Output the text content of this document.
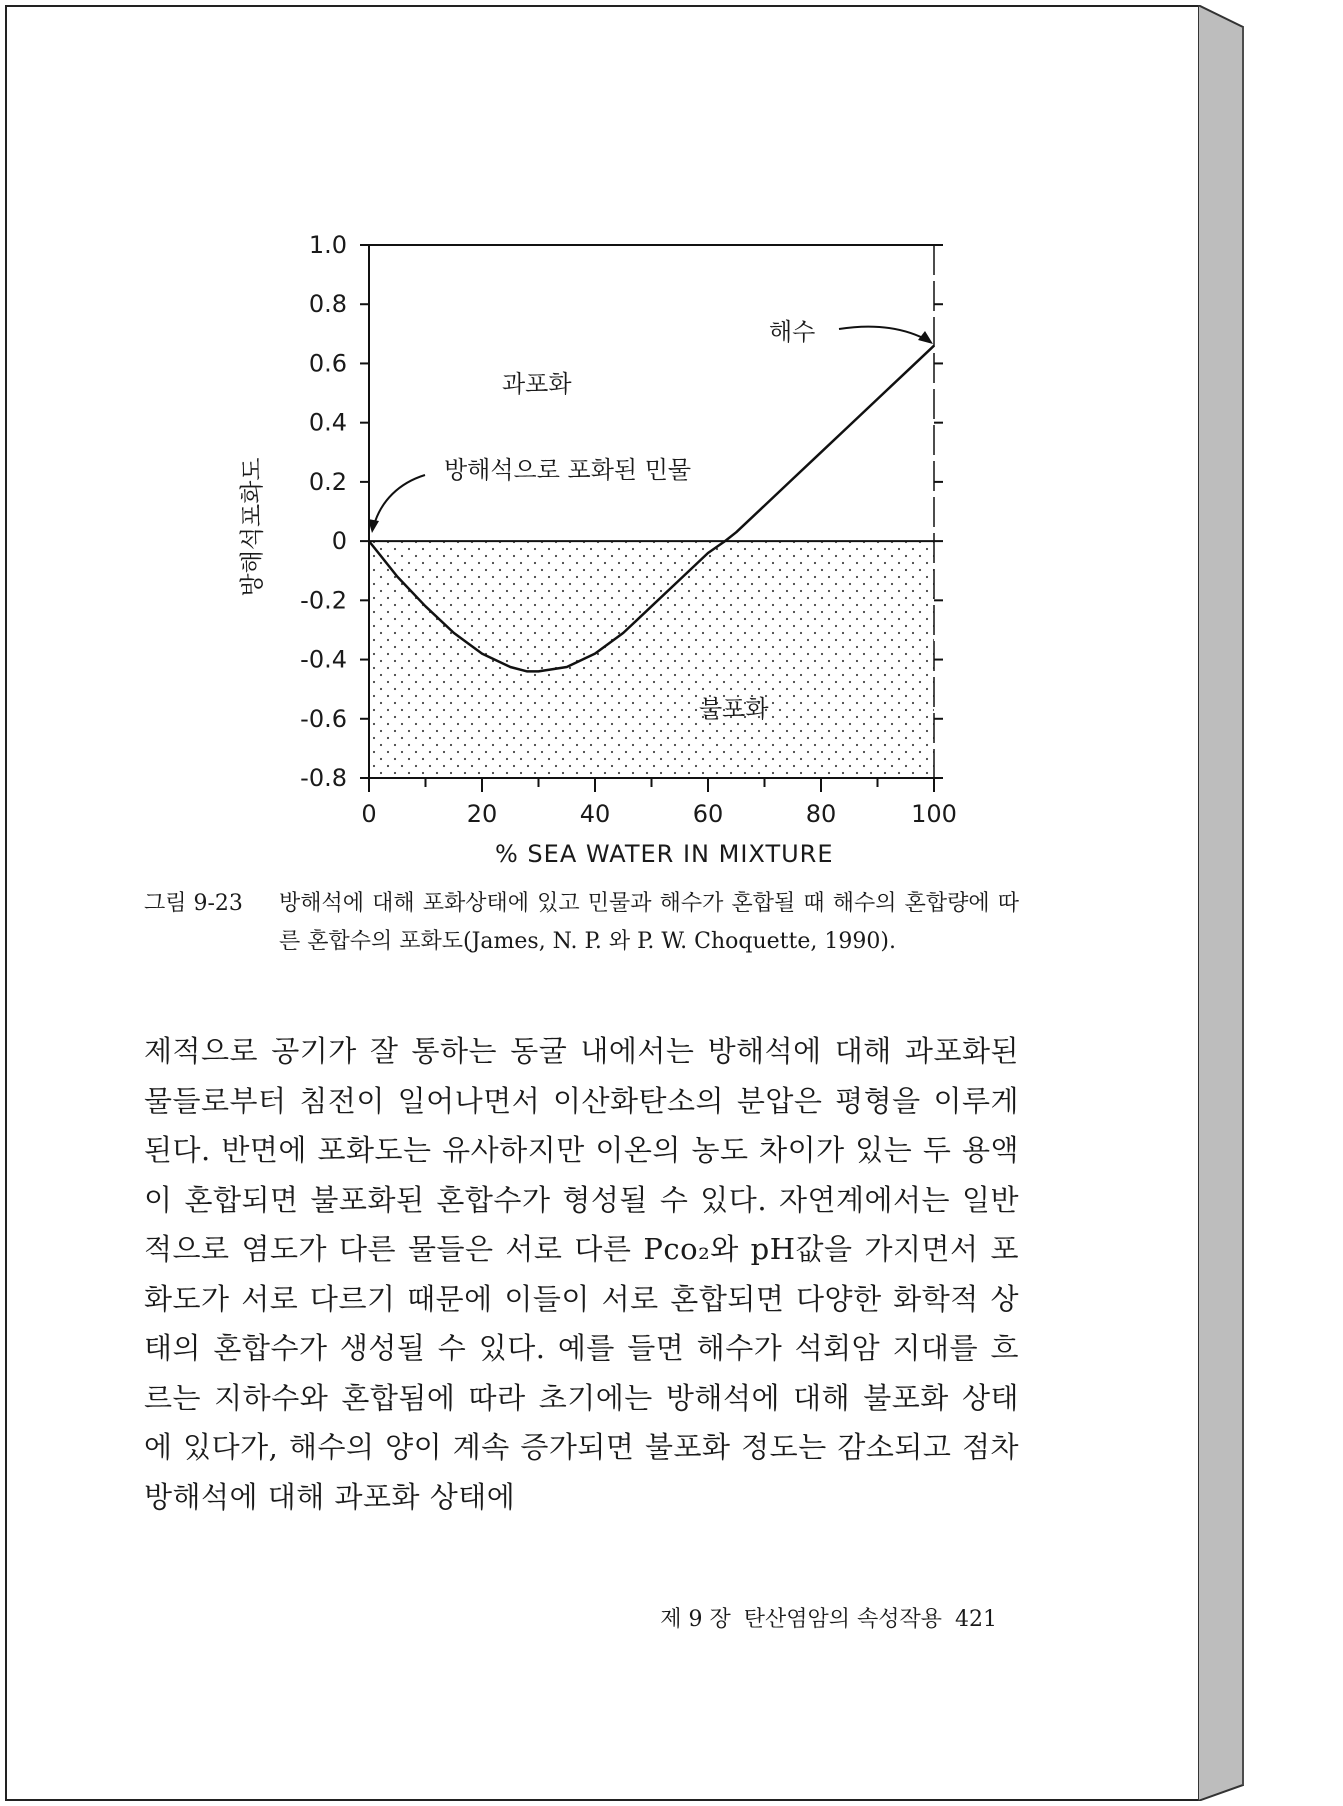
1.0
0.8
0.6
0.4
0.2
0
-0.2
-0.4
-0.6
-0.8
0	20	40	60	80	100
% SEA WATER IN MIXTURE
방해석포화도
과포화
불포화
해수
방해석으로 포화된 민물
그림 9-23 방해석에 대해 포화상태에 있고 민물과 해수가 혼합될 때 해수의 혼합량에 따른 혼합수의 포화도(James, N. P. 와 P. W. Choquette, 1990).
제적으로 공기가 잘 통하는 동굴 내에서는 방해석에 대해 과포화된 물들로부터 침전이 일어나면서 이산화탄소의 분압은 평형을 이루게 된다. 반면에 포화도는 유사하지만 이온의 농도 차이가 있는 두 용액이 혼합되면 불포화된 혼합수가 형성될 수 있다. 자연계에서는 일반적으로 염도가 다른 물들은 서로 다른 Pco₂와 pH값을 가지면서 포화도가 서로 다르기 때문에 이들이 서로 혼합되면 다양한 화학적 상태의 혼합수가 생성될 수 있다. 예를 들면 해수가 석회암 지대를 흐르는 지하수와 혼합됨에 따라 초기에는 방해석에 대해 불포화 상태에 있다가, 해수의 양이 계속 증가되면 불포화 정도는 감소되고 점차 방해석에 대해 과포화 상태에
제 9 장 탄산염암의 속성작용 421
